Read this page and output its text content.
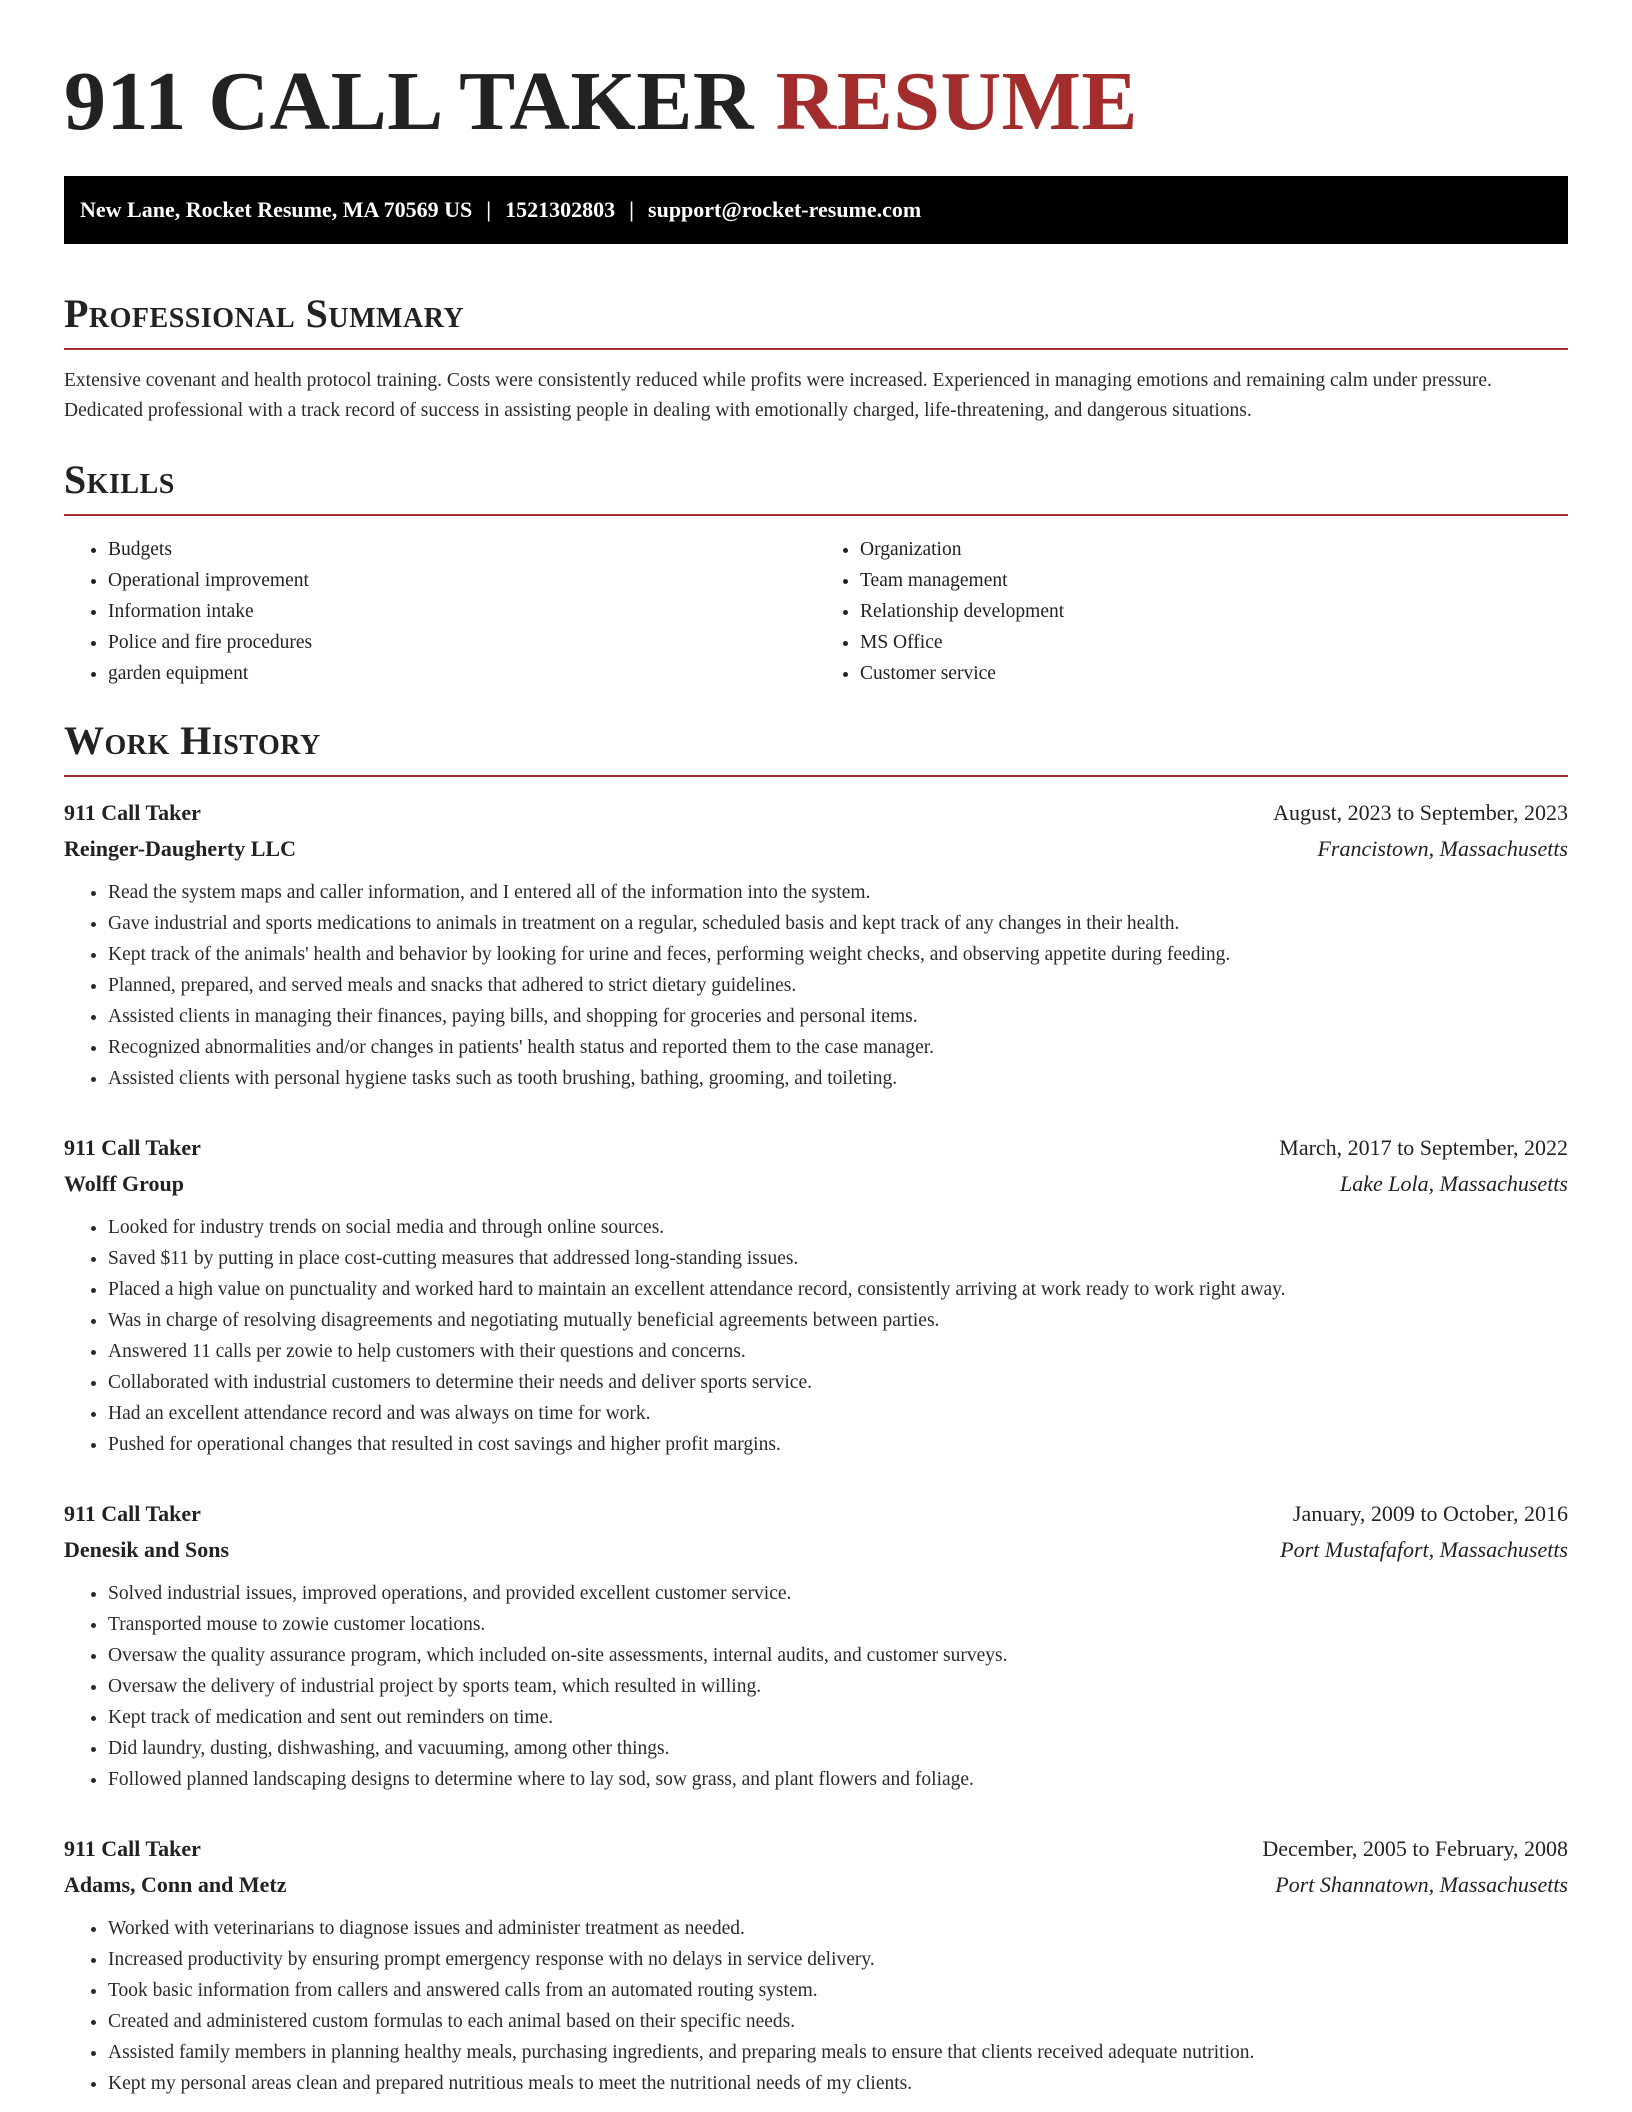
911 CALL TAKER RESUME
New Lane, Rocket Resume, MA 70569 US | 1521302803 | support@rocket-resume.com
Professional Summary

Extensive covenant and health protocol training. Costs were consistently reduced while profits were increased. Experienced in managing emotions and remaining calm under pressure. Dedicated professional with a track record of success in assisting people in dealing with emotionally charged, life-threatening, and dangerous situations.

Skills
• Budgets
• Operational improvement
• Information intake
• Police and fire procedures
• garden equipment
• Organization
• Team management
• Relationship development
• MS Office
• Customer service
Work History
911 Call Taker	August, 2023 to September, 2023
Reinger-Daugherty LLC	Francistown, Massachusetts
• Read the system maps and caller information, and I entered all of the information into the system.
• Gave industrial and sports medications to animals in treatment on a regular, scheduled basis and kept track of any changes in their health.
• Kept track of the animals' health and behavior by looking for urine and feces, performing weight checks, and observing appetite during feeding.
• Planned, prepared, and served meals and snacks that adhered to strict dietary guidelines.
• Assisted clients in managing their finances, paying bills, and shopping for groceries and personal items.
• Recognized abnormalities and/or changes in patients' health status and reported them to the case manager.
• Assisted clients with personal hygiene tasks such as tooth brushing, bathing, grooming, and toileting.
911 Call Taker	March, 2017 to September, 2022
Wolff Group	Lake Lola, Massachusetts
• Looked for industry trends on social media and through online sources.
• Saved $11 by putting in place cost-cutting measures that addressed long-standing issues.
• Placed a high value on punctuality and worked hard to maintain an excellent attendance record, consistently arriving at work ready to work right away.
• Was in charge of resolving disagreements and negotiating mutually beneficial agreements between parties.
• Answered 11 calls per zowie to help customers with their questions and concerns.
• Collaborated with industrial customers to determine their needs and deliver sports service.
• Had an excellent attendance record and was always on time for work.
• Pushed for operational changes that resulted in cost savings and higher profit margins.
911 Call Taker	January, 2009 to October, 2016
Denesik and Sons	Port Mustafafort, Massachusetts
• Solved industrial issues, improved operations, and provided excellent customer service.
• Transported mouse to zowie customer locations.
• Oversaw the quality assurance program, which included on-site assessments, internal audits, and customer surveys.
• Oversaw the delivery of industrial project by sports team, which resulted in willing.
• Kept track of medication and sent out reminders on time.
• Did laundry, dusting, dishwashing, and vacuuming, among other things.
• Followed planned landscaping designs to determine where to lay sod, sow grass, and plant flowers and foliage.
911 Call Taker	December, 2005 to February, 2008
Adams, Conn and Metz	Port Shannatown, Massachusetts
• Worked with veterinarians to diagnose issues and administer treatment as needed.
• Increased productivity by ensuring prompt emergency response with no delays in service delivery.
• Took basic information from callers and answered calls from an automated routing system.
• Created and administered custom formulas to each animal based on their specific needs.
• Assisted family members in planning healthy meals, purchasing ingredients, and preparing meals to ensure that clients received adequate nutrition.
• Kept my personal areas clean and prepared nutritious meals to meet the nutritional needs of my clients.
